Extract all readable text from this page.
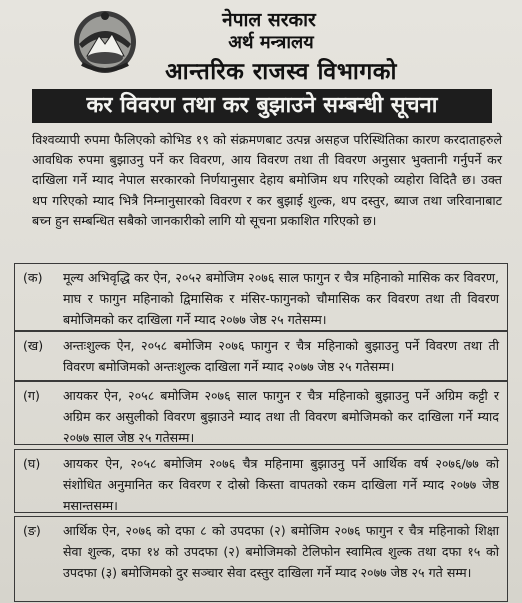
नेपाल सरकार
अर्थ मन्त्रालय
आन्तरिक राजस्व विभागको
कर विवरण तथा कर बुझाउने सम्बन्धी सूचना
विश्वव्यापी रुपमा फैलिएको कोभिड १९ को संक्रमणबाट उत्पन्न असहज परिस्थितिका कारण करदाताहरुले आवधिक रुपमा बुझाउनु पर्ने कर विवरण, आय विवरण तथा ती विवरण अनुसार भुक्तानी गर्नुपर्ने कर दाखिला गर्ने म्याद नेपाल सरकारको निर्णयानुसार देहाय बमोजिम थप गरिएको व्यहोरा विदितै छ। उक्त थप गरिएको म्याद भित्रै निम्नानुसारको विवरण र कर बुझाई शुल्क, थप दस्तुर, ब्याज तथा जरिवानाबाट बच्न हुन सम्बन्धित सबैको जानकारीको लागि यो सूचना प्रकाशित गरिएको छ।
(क)	मूल्य अभिवृद्धि कर ऐन, २०५२ बमोजिम २०७६ साल फागुन र चैत्र महिनाको मासिक कर विवरण, माघ र फागुन महिनाको द्विमासिक र मंसिर-फागुनको चौमासिक कर विवरण तथा ती विवरण बमोजिमको कर दाखिला गर्ने म्याद २०७७ जेष्ठ २५ गतेसम्म।
(ख)	अन्तःशुल्क ऐन, २०५८ बमोजिम २०७६ फागुन र चैत्र महिनाको बुझाउनु पर्ने विवरण तथा ती विवरण बमोजिमको अन्तःशुल्क दाखिला गर्ने म्याद २०७७ जेष्ठ २५ गतेसम्म।
(ग)	आयकर ऐन, २०५८ बमोजिम २०७६ साल फागुन र चैत्र महिनाको बुझाउनु पर्ने अग्रिम कट्टी र अग्रिम कर असुलीको विवरण बुझाउने म्याद तथा ती विवरण बमोजिमको कर दाखिला गर्ने म्याद २०७७ साल जेष्ठ २५ गतेसम्म।
(घ)	आयकर ऐन, २०५८ बमोजिम २०७६ चैत्र महिनामा बुझाउनु पर्ने आर्थिक वर्ष २०७६/७७ को संशोधित अनुमानित कर विवरण र दोस्रो किस्ता वापतको रकम दाखिला गर्ने म्याद २०७७ जेष्ठ मसान्तसम्म।
(ङ)	आर्थिक ऐन, २०७६ को दफा ८ को उपदफा (२) बमोजिम २०७६ फागुन र चैत्र महिनाको शिक्षा सेवा शुल्क, दफा १४ को उपदफा (२) बमोजिमको टेलिफोन स्वामित्व शुल्क तथा दफा १५ को उपदफा (३) बमोजिमको दुर सञ्चार सेवा दस्तुर दाखिला गर्ने म्याद २०७७ जेष्ठ २५ गते सम्म।
